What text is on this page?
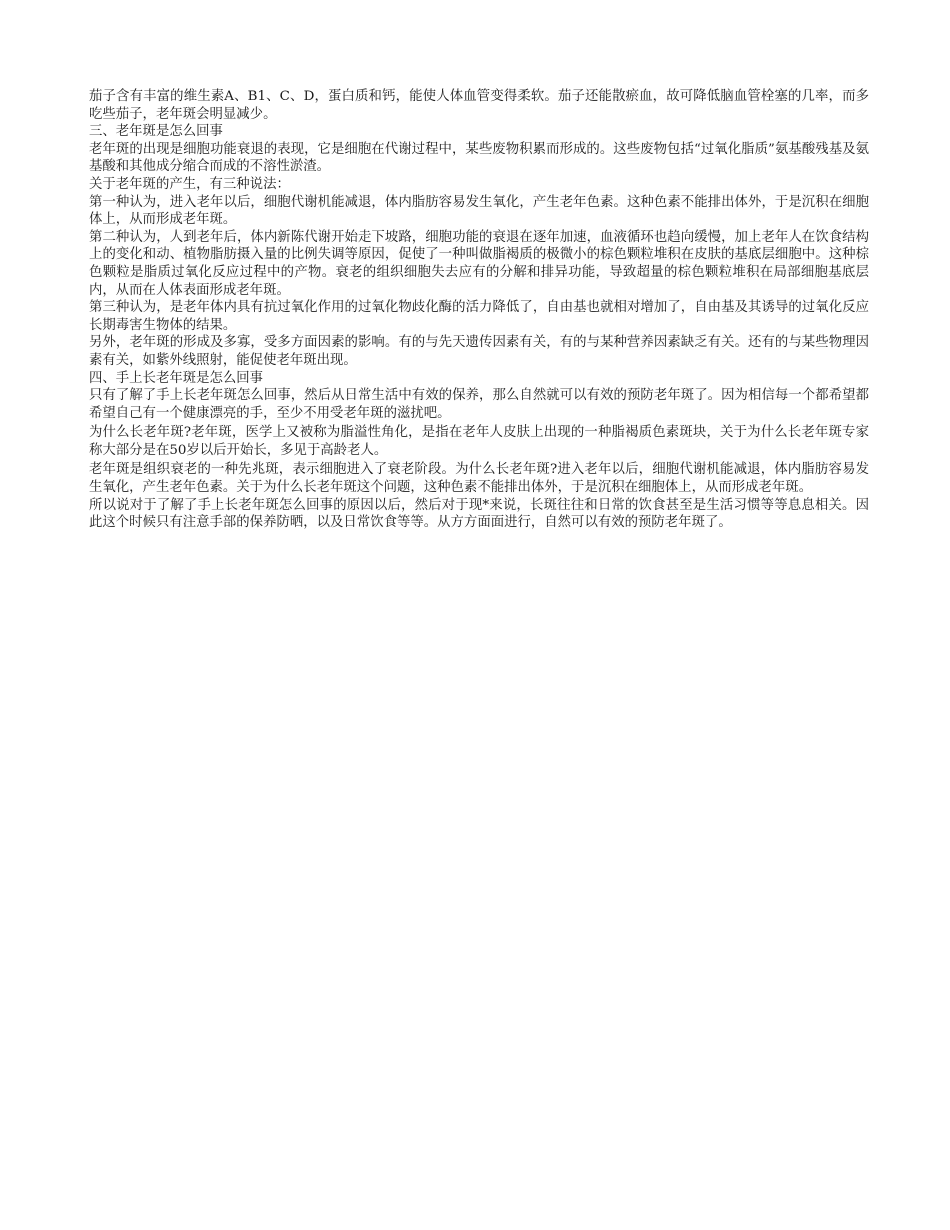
茄子含有丰富的维生素A、B1、C、D，蛋白质和钙，能使人体血管变得柔软。茄子还能散瘀血，故可降低脑血管栓塞的几率，而多吃些茄子，老年斑会明显减少。

三、老年斑是怎么回事

老年斑的出现是细胞功能衰退的表现，它是细胞在代谢过程中，某些废物积累而形成的。这些废物包括“过氧化脂质”氨基酸残基及氨基酸和其他成分缩合而成的不溶性淤渣。

关于老年斑的产生，有三种说法：

第一种认为，进入老年以后，细胞代谢机能减退，体内脂肪容易发生氧化，产生老年色素。这种色素不能排出体外，于是沉积在细胞体上，从而形成老年斑。

第二种认为，人到老年后，体内新陈代谢开始走下坡路，细胞功能的衰退在逐年加速，血液循环也趋向缓慢，加上老年人在饮食结构上的变化和动、植物脂肪摄入量的比例失调等原因，促使了一种叫做脂褐质的极微小的棕色颗粒堆积在皮肤的基底层细胞中。这种棕色颗粒是脂质过氧化反应过程中的产物。衰老的组织细胞失去应有的分解和排异功能，导致超量的棕色颗粒堆积在局部细胞基底层内，从而在人体表面形成老年斑。

第三种认为，是老年体内具有抗过氧化作用的过氧化物歧化酶的活力降低了，自由基也就相对增加了，自由基及其诱导的过氧化反应长期毒害生物体的结果。

另外，老年斑的形成及多寡，受多方面因素的影响。有的与先天遗传因素有关，有的与某种营养因素缺乏有关。还有的与某些物理因素有关，如紫外线照射，能促使老年斑出现。

四、手上长老年斑是怎么回事

只有了解了手上长老年斑怎么回事，然后从日常生活中有效的保养，那么自然就可以有效的预防老年斑了。因为相信每一个都希望都希望自己有一个健康漂亮的手，至少不用受老年斑的滋扰吧。

为什么长老年斑?老年斑，医学上又被称为脂溢性角化，是指在老年人皮肤上出现的一种脂褐质色素斑块，关于为什么长老年斑专家称大部分是在50岁以后开始长，多见于高龄老人。

老年斑是组织衰老的一种先兆斑，表示细胞进入了衰老阶段。为什么长老年斑?进入老年以后，细胞代谢机能减退，体内脂肪容易发生氧化，产生老年色素。关于为什么长老年斑这个问题，这种色素不能排出体外，于是沉积在细胞体上，从而形成老年斑。

所以说对于了解了手上长老年斑怎么回事的原因以后，然后对于现*来说，长斑往往和日常的饮食甚至是生活习惯等等息息相关。因此这个时候只有注意手部的保养防晒，以及日常饮食等等。从方方面面进行，自然可以有效的预防老年斑了。
